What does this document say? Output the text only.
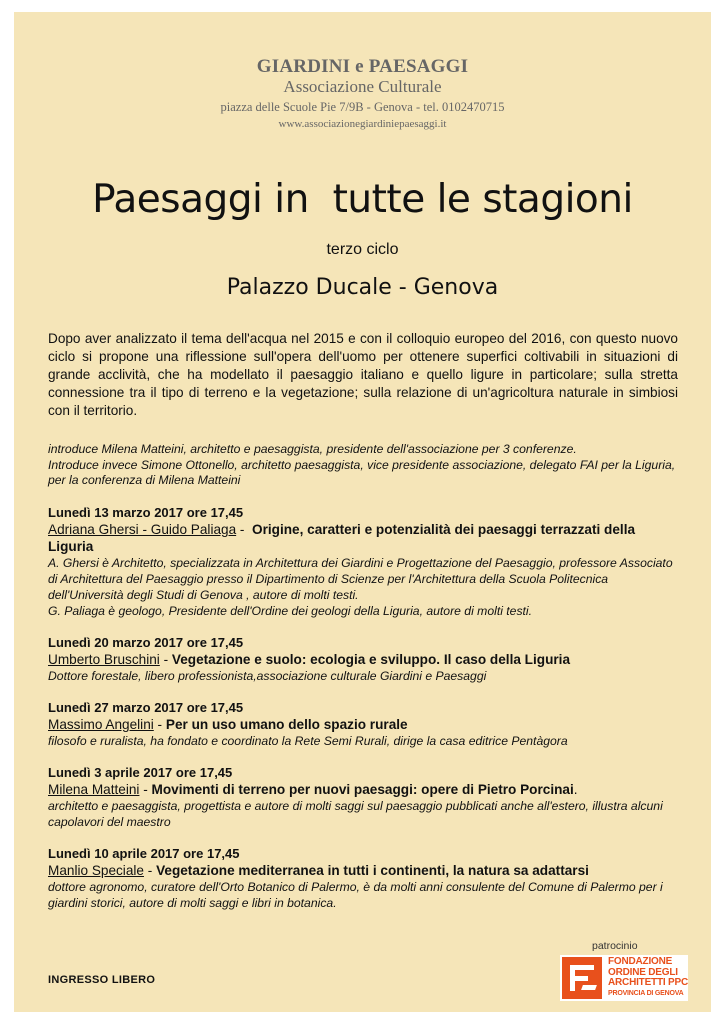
GIARDINI e PAESAGGI
Associazione Culturale
piazza delle Scuole Pie 7/9B - Genova - tel. 0102470715
www.associazionegiardiniepaesaggi.it
Paesaggi in  tutte le stagioni
terzo ciclo
Palazzo Ducale - Genova
Dopo aver analizzato il tema dell'acqua nel 2015 e con il colloquio europeo del 2016, con questo nuovo ciclo si propone una riflessione sull'opera dell'uomo per ottenere superfici coltivabili in situazioni di grande acclività, che ha modellato il paesaggio italiano e quello ligure in particolare; sulla stretta connessione tra il tipo di terreno e la vegetazione; sulla relazione di un'agricoltura naturale in simbiosi con il territorio.
introduce Milena Matteini, architetto e paesaggista, presidente dell'associazione per 3 conferenze.
Introduce invece Simone Ottonello, architetto paesaggista, vice presidente associazione, delegato FAI per la Liguria, per la conferenza di Milena Matteini
Lunedì 13 marzo 2017 ore 17,45
Adriana Ghersi - Guido Paliaga -  Origine, caratteri e potenzialità dei paesaggi terrazzati della Liguria
A. Ghersi è Architetto, specializzata in Architettura dei Giardini e Progettazione del Paesaggio, professore Associato di Architettura del Paesaggio presso il Dipartimento di Scienze per l'Architettura della Scuola Politecnica dell'Università degli Studi di Genova , autore di molti testi.
G. Paliaga è geologo, Presidente dell'Ordine dei geologi della Liguria, autore di molti testi.
Lunedì 20 marzo 2017 ore 17,45
Umberto Bruschini - Vegetazione e suolo: ecologia e sviluppo. Il caso della Liguria
Dottore forestale, libero professionista,associazione culturale Giardini e Paesaggi
Lunedì 27 marzo 2017 ore 17,45
Massimo Angelini - Per un uso umano dello spazio rurale
filosofo e ruralista, ha fondato e coordinato la Rete Semi Rurali, dirige la casa editrice Pentàgora
Lunedì 3 aprile 2017 ore 17,45
Milena Matteini - Movimenti di terreno per nuovi paesaggi: opere di Pietro Porcinai.
architetto e paesaggista, progettista e autore di molti saggi sul paesaggio pubblicati anche all'estero, illustra alcuni capolavori del maestro
Lunedì 10 aprile 2017 ore 17,45
Manlio Speciale - Vegetazione mediterranea in tutti i continenti, la natura sa adattarsi
dottore agronomo, curatore dell'Orto Botanico di Palermo, è da molti anni consulente del Comune di Palermo per i giardini storici, autore di molti saggi e libri in botanica.
INGRESSO LIBERO
patrocinio
FONDAZIONE
ORDINE DEGLI
ARCHITETTI PPC
PROVINCIA DI GENOVA
